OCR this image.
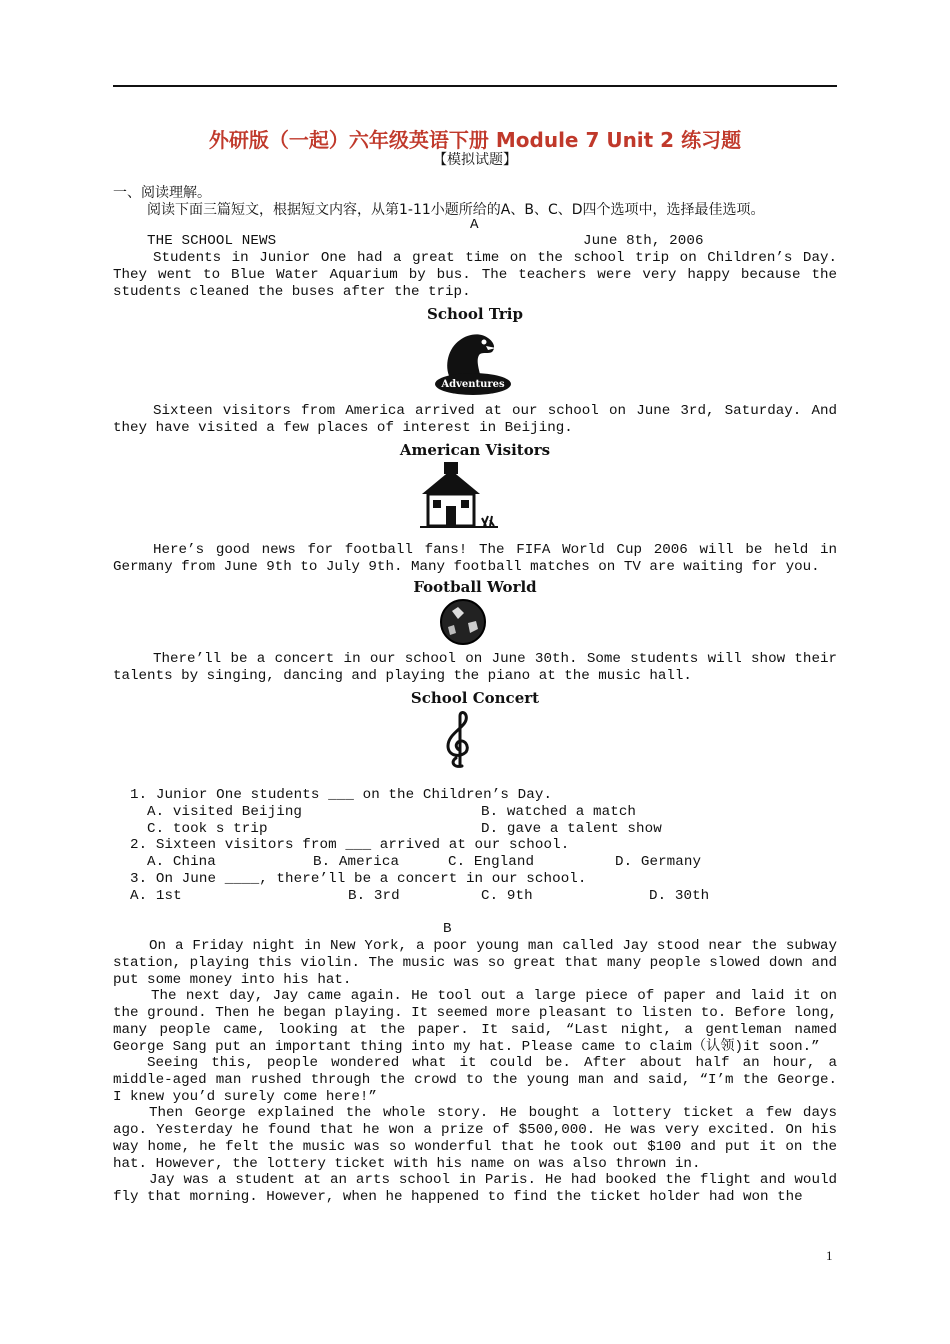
外研版（一起）六年级英语下册 Module 7 Unit 2 练习题
【模拟试题】
一、阅读理解。
阅读下面三篇短文，根据短文内容，从第1-11小题所给的A、B、C、D四个选项中，选择最佳选项。
A
THE SCHOOL NEWS	June 8th, 2006
Students in Junior One had a great time on the school trip on Children’s Day. They went to Blue Water Aquarium by bus. The teachers were very happy because the students cleaned the buses after the trip.
School Trip
Adventures
Sixteen visitors from America arrived at our school on June 3rd, Saturday. And they have visited a few places of interest in Beijing.
American Visitors
Here’s good news for football fans! The FIFA World Cup 2006 will be held in Germany from June 9th to July 9th. Many football matches on TV are waiting for you.
Football World
There’ll be a concert in our school on June 30th. Some students will show their talents by singing, dancing and playing the piano at the music hall.
School Concert
1. Junior One students ___ on the Children’s Day.
A. visited Beijing	B. watched a match
C. took s trip	D. gave a talent show
2. Sixteen visitors from ___ arrived at our school.
A. China	B. America	C. England	D. Germany
3. On June ____, there’ll be a concert in our school.
A. 1st	B. 3rd	C. 9th	D. 30th
B
On a Friday night in New York, a poor young man called Jay stood near the subway station, playing this violin. The music was so great that many people slowed down and put some money into his hat.
The next day, Jay came again. He tool out a large piece of paper and laid it on the ground. Then he began playing. It seemed more pleasant to listen to. Before long, many people came, looking at the paper. It said, “Last night, a gentleman named George Sang put an important thing into my hat. Please came to claim（认领)it soon.”
Seeing this, people wondered what it could be. After about half an hour, a middle-aged man rushed through the crowd to the young man and said, “I’m the George. I knew you’d surely come here!”
Then George explained the whole story. He bought a lottery ticket a few days ago. Yesterday he found that he won a prize of $500,000. He was very excited. On his way home, he felt the music was so wonderful that he took out $100 and put it on the hat. However, the lottery ticket with his name on was also thrown in.
Jay was a student at an arts school in Paris. He had booked the flight and would fly that morning. However, when he happened to find the ticket holder had won the
1
